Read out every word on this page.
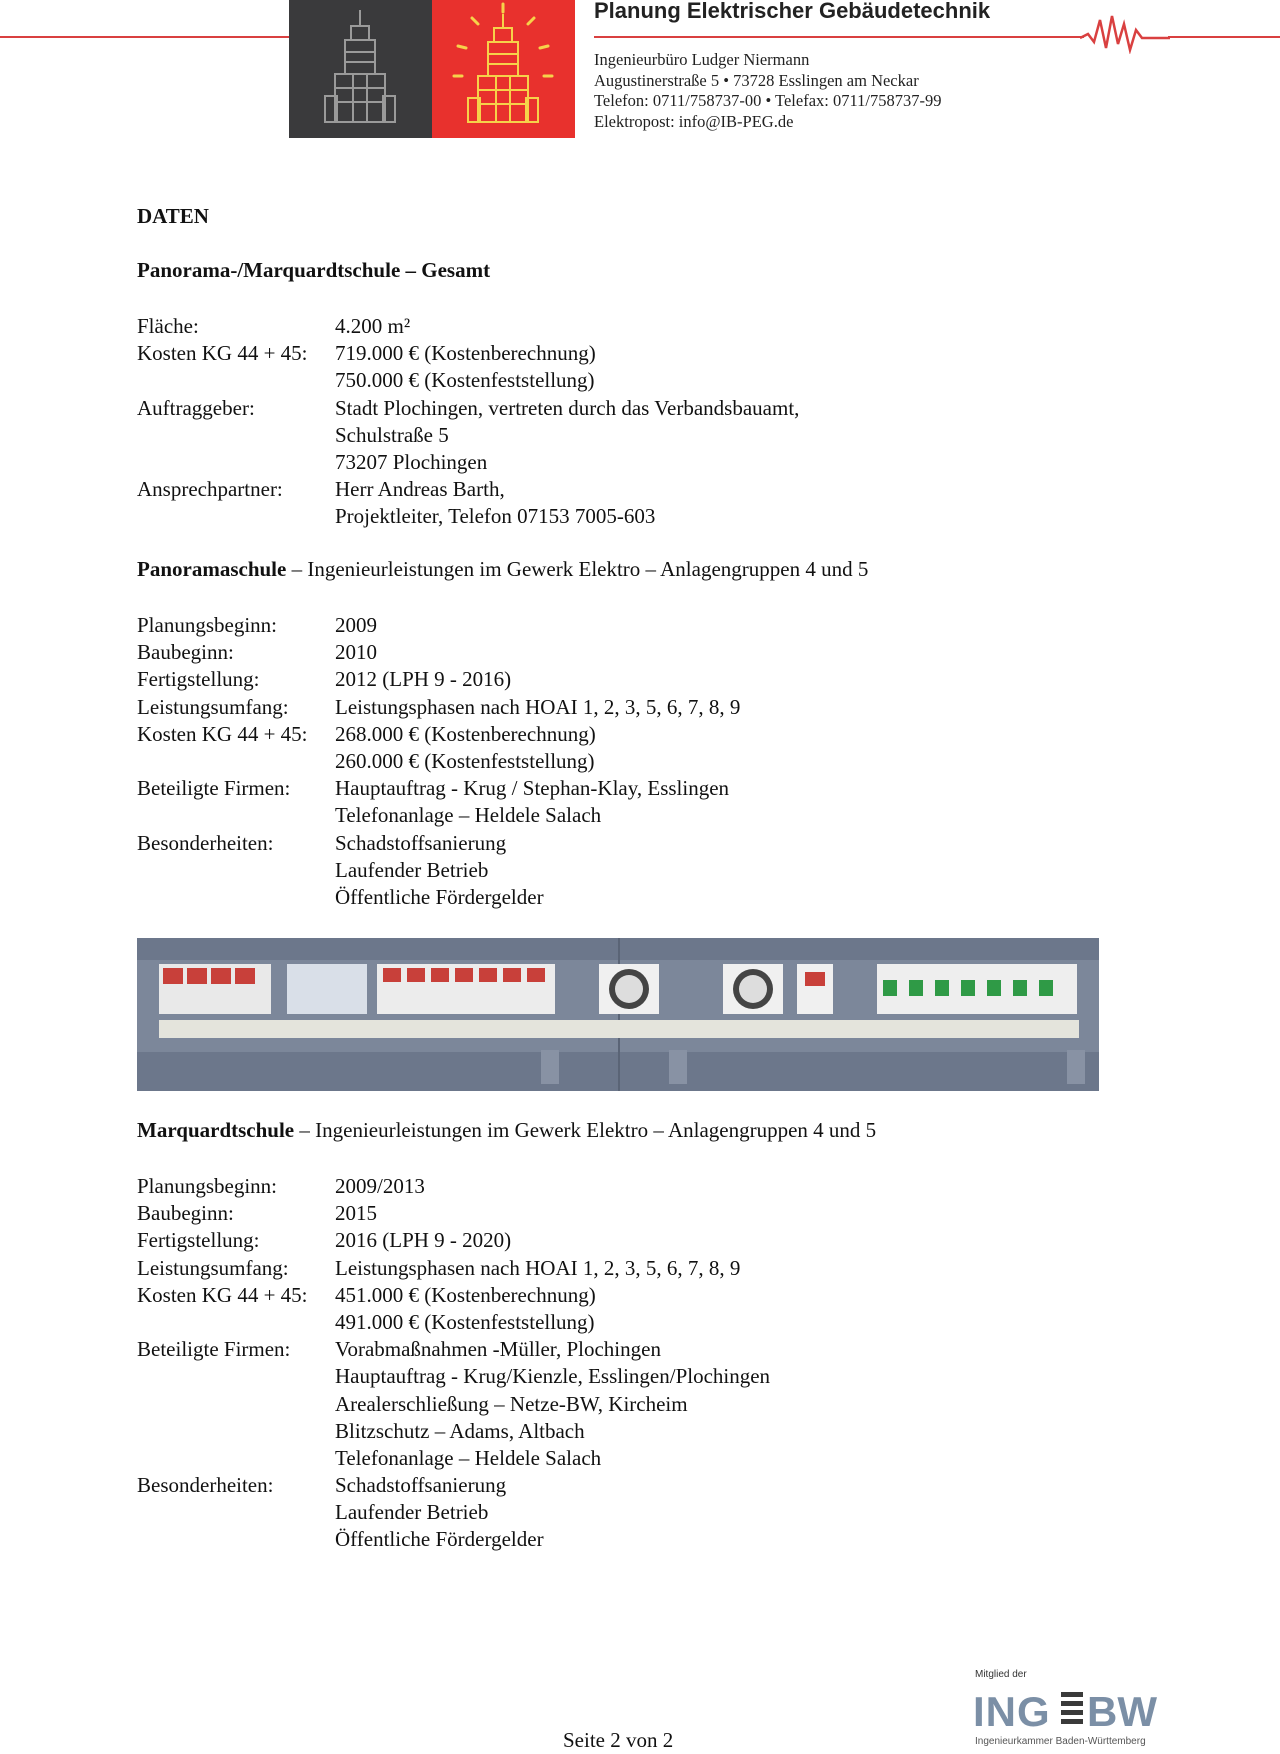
Planung Elektrischer Gebäudetechnik
Ingenieurbüro Ludger Niermann
Augustinerstraße 5 • 73728 Esslingen am Neckar
Telefon: 0711/758737-00 • Telefax: 0711/758737-99
Elektropost: info@IB-PEG.de
DATEN
Panorama-/Marquardtschule – Gesamt
Fläche:	4.200 m²
Kosten KG 44 + 45: 719.000 € (Kostenberechnung)
750.000 € (Kostenfeststellung)
Auftraggeber:	Stadt Plochingen, vertreten durch das Verbandsbauamt,
Schulstraße 5
73207 Plochingen
Ansprechpartner: Herr Andreas Barth,
Projektleiter, Telefon 07153 7005-603
Panoramaschule – Ingenieurleistungen im Gewerk Elektro – Anlagengruppen 4 und 5
Planungsbeginn:	2009
Baubeginn:	2010
Fertigstellung:	2012 (LPH 9 - 2016)
Leistungsumfang: Leistungsphasen nach HOAI 1, 2, 3, 5, 6, 7, 8, 9
Kosten KG 44 + 45: 268.000 € (Kostenberechnung)
260.000 € (Kostenfeststellung)
Beteiligte Firmen: Hauptauftrag - Krug / Stephan-Klay, Esslingen
Telefonanlage – Heldele Salach
Besonderheiten:	Schadstoffsanierung
Laufender Betrieb
Öffentliche Fördergelder
Marquardtschule – Ingenieurleistungen im Gewerk Elektro – Anlagengruppen 4 und 5
Planungsbeginn:	2009/2013
Baubeginn:	2015
Fertigstellung:	2016 (LPH 9 - 2020)
Leistungsumfang: Leistungsphasen nach HOAI 1, 2, 3, 5, 6, 7, 8, 9
Kosten KG 44 + 45: 451.000 € (Kostenberechnung)
491.000 € (Kostenfeststellung)
Beteiligte Firmen: Vorabmaßnahmen -Müller, Plochingen
Hauptauftrag - Krug/Kienzle, Esslingen/Plochingen
Arealerschließung – Netze-BW, Kircheim
Blitzschutz – Adams, Altbach
Telefonanlage – Heldele Salach
Besonderheiten:	Schadstoffsanierung
Laufender Betrieb
Öffentliche Fördergelder
Seite 2 von 2
Mitglied der
ING BW
Ingenieurkammer Baden-Württemberg
